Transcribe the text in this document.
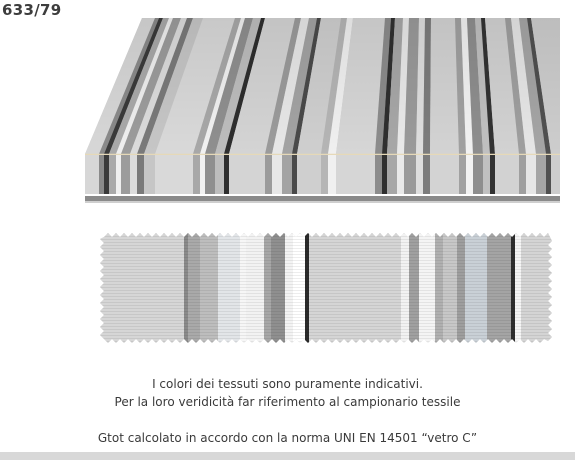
633/79
I colori dei tessuti sono puramente indicativi.
Per la loro veridicità far riferimento al campionario tessile
Gtot calcolato in accordo con la norma UNI EN 14501 “vetro C”
